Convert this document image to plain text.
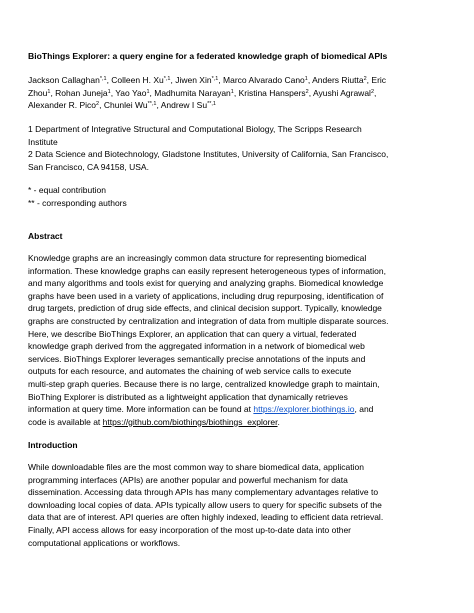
BioThings Explorer: a query engine for a federated knowledge graph of biomedical APIs
Jackson Callaghan$^{*,1}$, Colleen H. $Xu^{*,1}$, Jiwen Xin$^{*,1}$, Marco Alvarado Cano$^1$, Anders Riutta$^2$, Eric
Zhou$^1$, Rohan Juneja$^1$, Yao Yao$^1$, Madhumita Narayan$^1$, Kristina Hanspers$^2$, Ayushi Agrawal$^2$,
Alexander R. Pico$^2$, Chunlei $Wu^{**,1}$, Andrew I $Su^{**,1}$
1 Department of Integrative Structural and Computational Biology, The Scripps Research
Institute
2 Data Science and Biotechnology, Gladstone Institutes, University of California, San Francisco,
San Francisco, CA 94158, USA.
* - equal contribution
** - corresponding authors
Abstract
Knowledge graphs are an increasingly common data structure for representing biomedical
information. These knowledge graphs can easily represent heterogeneous types of information,
and many algorithms and tools exist for querying and analyzing graphs. Biomedical knowledge
graphs have been used in a variety of applications, including drug repurposing, identification of
drug targets, prediction of drug side effects, and clinical decision support. Typically, knowledge
graphs are constructed by centralization and integration of data from multiple disparate sources.
Here, we describe BioThings Explorer, an application that can query a virtual, federated
knowledge graph derived from the aggregated information in a network of biomedical web
services. BioThings Explorer leverages semantically precise annotations of the inputs and
outputs for each resource, and automates the chaining of web service calls to execute
multi-step graph queries. Because there is no large, centralized knowledge graph to maintain,
BioThing Explorer is distributed as a lightweight application that dynamically retrieves
information at query time. More information can be found at https://explorer.biothings.io, and
code is available at https://github.com/biothings/biothings_explorer.
Introduction
While downloadable files are the most common way to share biomedical data, application
programming interfaces (APIs) are another popular and powerful mechanism for data
dissemination. Accessing data through APIs has many complementary advantages relative to
downloading local copies of data. APIs typically allow users to query for specific subsets of the
data that are of interest. API queries are often highly indexed, leading to efficient data retrieval.
Finally, API access allows for easy incorporation of the most up-to-date data into other
computational applications or workflows.
